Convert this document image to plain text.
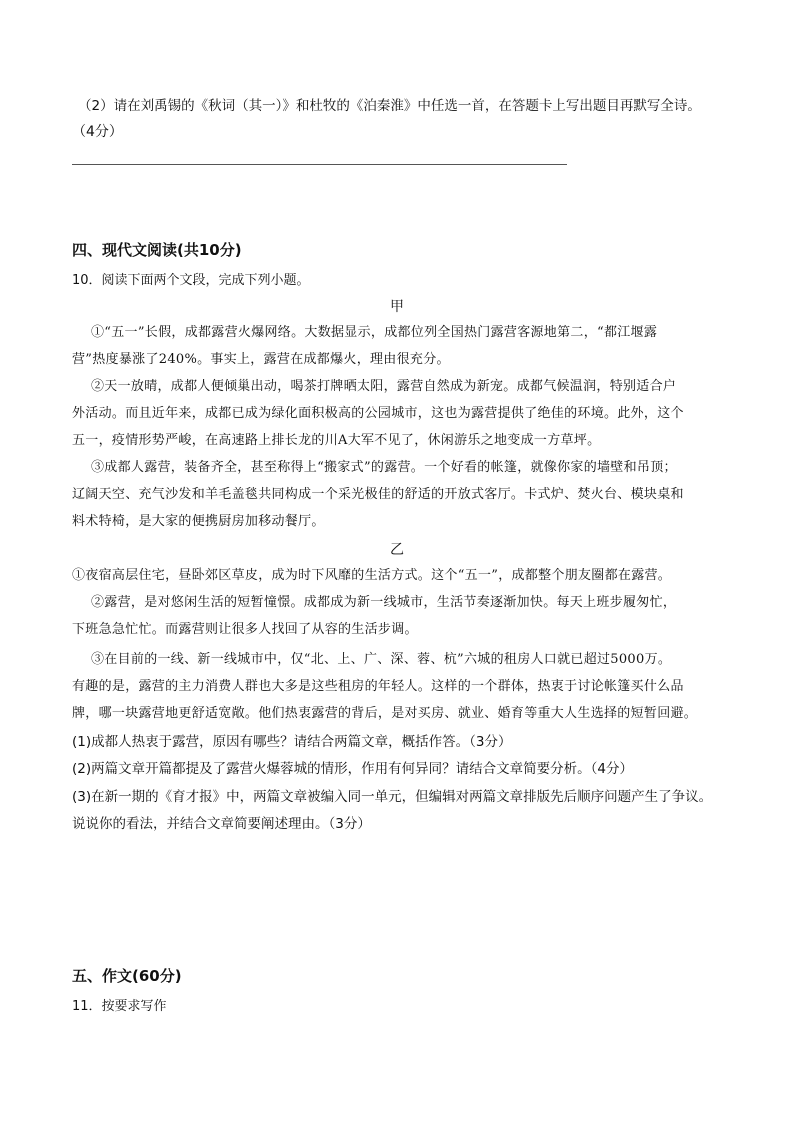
（2）请在刘禹锡的《秋词（其一）》和杜牧的《泊秦淮》中任选一首，在答题卡上写出题目再默写全诗。
（4分）
四、现代文阅读(共10分)
10．阅读下面两个文段，完成下列小题。
甲
①“五一”长假，成都露营火爆网络。大数据显示，成都位列全国热门露营客源地第二，“都江堰露
营”热度暴涨了240%。事实上，露营在成都爆火，理由很充分。
②天一放晴，成都人便倾巢出动，喝茶打牌晒太阳，露营自然成为新宠。成都气候温润，特别适合户
外活动。而且近年来，成都已成为绿化面积极高的公园城市，这也为露营提供了绝佳的环境。此外，这个
五一，疫情形势严峻，在高速路上排长龙的川A大军不见了，休闲游乐之地变成一方草坪。
③成都人露营，装备齐全，甚至称得上“搬家式”的露营。一个好看的帐篷，就像你家的墙壁和吊顶；
辽阔天空、充气沙发和羊毛盖毯共同构成一个采光极佳的舒适的开放式客厅。卡式炉、焚火台、模块桌和
料术特椅，是大家的便携厨房加移动餐厅。
乙
①夜宿高层住宅，昼卧郊区草皮，成为时下风靡的生活方式。这个“五一”，成都整个朋友圈都在露营。
②露营，是对悠闲生活的短暂憧憬。成都成为新一线城市，生活节奏逐渐加快。每天上班步履匆忙，
下班急急忙忙。而露营则让很多人找回了从容的生活步调。
③在目前的一线、新一线城市中，仅“北、上、广、深、蓉、杭”六城的租房人口就已超过5000万。
有趣的是，露营的主力消费人群也大多是这些租房的年轻人。这样的一个群体，热衷于讨论帐篷买什么品
牌，哪一块露营地更舒适宽敞。他们热衷露营的背后，是对买房、就业、婚育等重大人生选择的短暂回避。
(1)成都人热衷于露营，原因有哪些？请结合两篇文章，概括作答。（3分）
(2)两篇文章开篇都提及了露营火爆蓉城的情形，作用有何异同？请结合文章简要分析。（4分）
(3)在新一期的《育才报》中，两篇文章被编入同一单元，但编辑对两篇文章排版先后顺序问题产生了争议。
说说你的看法，并结合文章简要阐述理由。（3分）
五、作文(60分)
11．按要求写作
